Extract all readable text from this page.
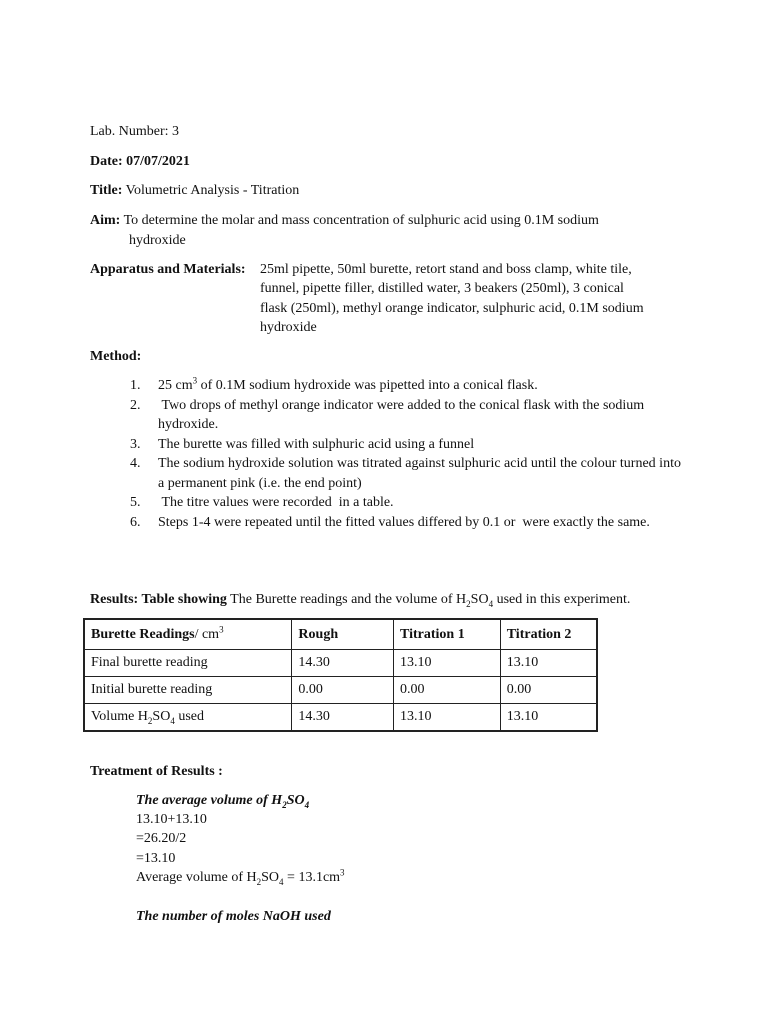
Lab. Number: 3
Date: 07/07/2021
Title: Volumetric Analysis - Titration
Aim: To determine the molar and mass concentration of sulphuric acid using 0.1M sodium
hydroxide
Apparatus and Materials: 25ml pipette, 50ml burette, retort stand and boss clamp, white tile,
funnel, pipette filler, distilled water, 3 beakers (250ml), 3 conical
flask (250ml), methyl orange indicator, sulphuric acid, 0.1M sodium
hydroxide
Method:
1. 25 $cm^3$ of 0.1M sodium hydroxide was pipetted into a conical flask.
2. Two drops of methyl orange indicator were added to the conical flask with the sodium hydroxide.
3. The burette was filled with sulphuric acid using a funnel
4. The sodium hydroxide solution was titrated against sulphuric acid until the colour turned into a permanent pink (i.e. the end point)
5. The titre values were recorded  in a table.
6. Steps 1-4 were repeated until the fitted values differed by 0.1 or  were exactly the same.
Results: Table showing The Burette readings and the volume of $H_2SO_4$ used in this experiment.
Burette Readings/ $cm^3$	Rough	Titration 1	Titration 2
Final burette reading	14.30	13.10	13.10
Initial burette reading	0.00	0.00	0.00
Volume $H_2SO_4$ used	14.30	13.10	13.10
Treatment of Results :
The average volume of $H_2SO_4$
13.10+13.10
=26.20/2
=13.10
Average volume of $H_2SO_4 = 13.1cm^3$
The number of moles NaOH used
